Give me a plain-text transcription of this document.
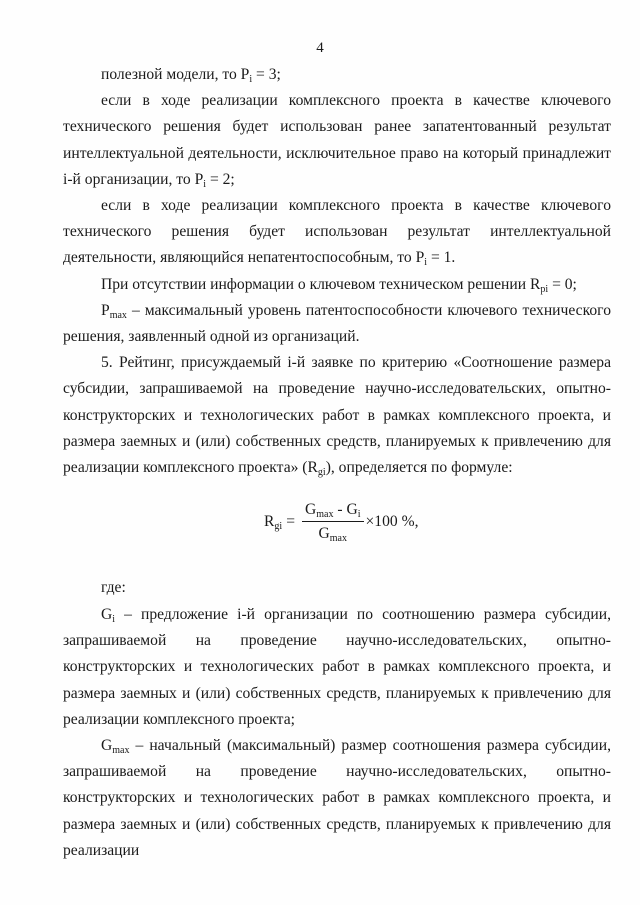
4

полезной модели, то $P_i = 3$;

если в ходе реализации комплексного проекта в качестве ключевого технического решения будет использован ранее запатентованный результат интеллектуальной деятельности, исключительное право на который принадлежит i-й организации, то $P_i = 2$;

если в ходе реализации комплексного проекта в качестве ключевого технического решения будет использован результат интеллектуальной деятельности, являющийся непатентоспособным, то $P_i = 1$.

При отсутствии информации о ключевом техническом решении $R_{pi} = 0$;

$P_{max}$ – максимальный уровень патентоспособности ключевого технического решения, заявленный одной из организаций.

5. Рейтинг, присуждаемый i-й заявке по критерию «Соотношение размера субсидии, запрашиваемой на проведение научно-исследовательских, опытно-конструкторских и технологических работ в рамках комплексного проекта, и размера заемных и (или) собственных средств, планируемых к привлечению для реализации комплексного проекта» $(R_{gi})$, определяется по формуле:

$R_{gi} = \frac{G_{max} - G_i}{G_{max}} \times 100$ %,
где:

$G_i$ – предложение i-й организации по соотношению размера субсидии, запрашиваемой на проведение научно-исследовательских, опытно-конструкторских и технологических работ в рамках комплексного проекта, и размера заемных и (или) собственных средств, планируемых к привлечению для реализации комплексного проекта;

$G_{max}$ – начальный (максимальный) размер соотношения размера субсидии, запрашиваемой на проведение научно-исследовательских, опытно-конструкторских и технологических работ в рамках комплексного проекта, и размера заемных и (или) собственных средств, планируемых к привлечению для реализации
